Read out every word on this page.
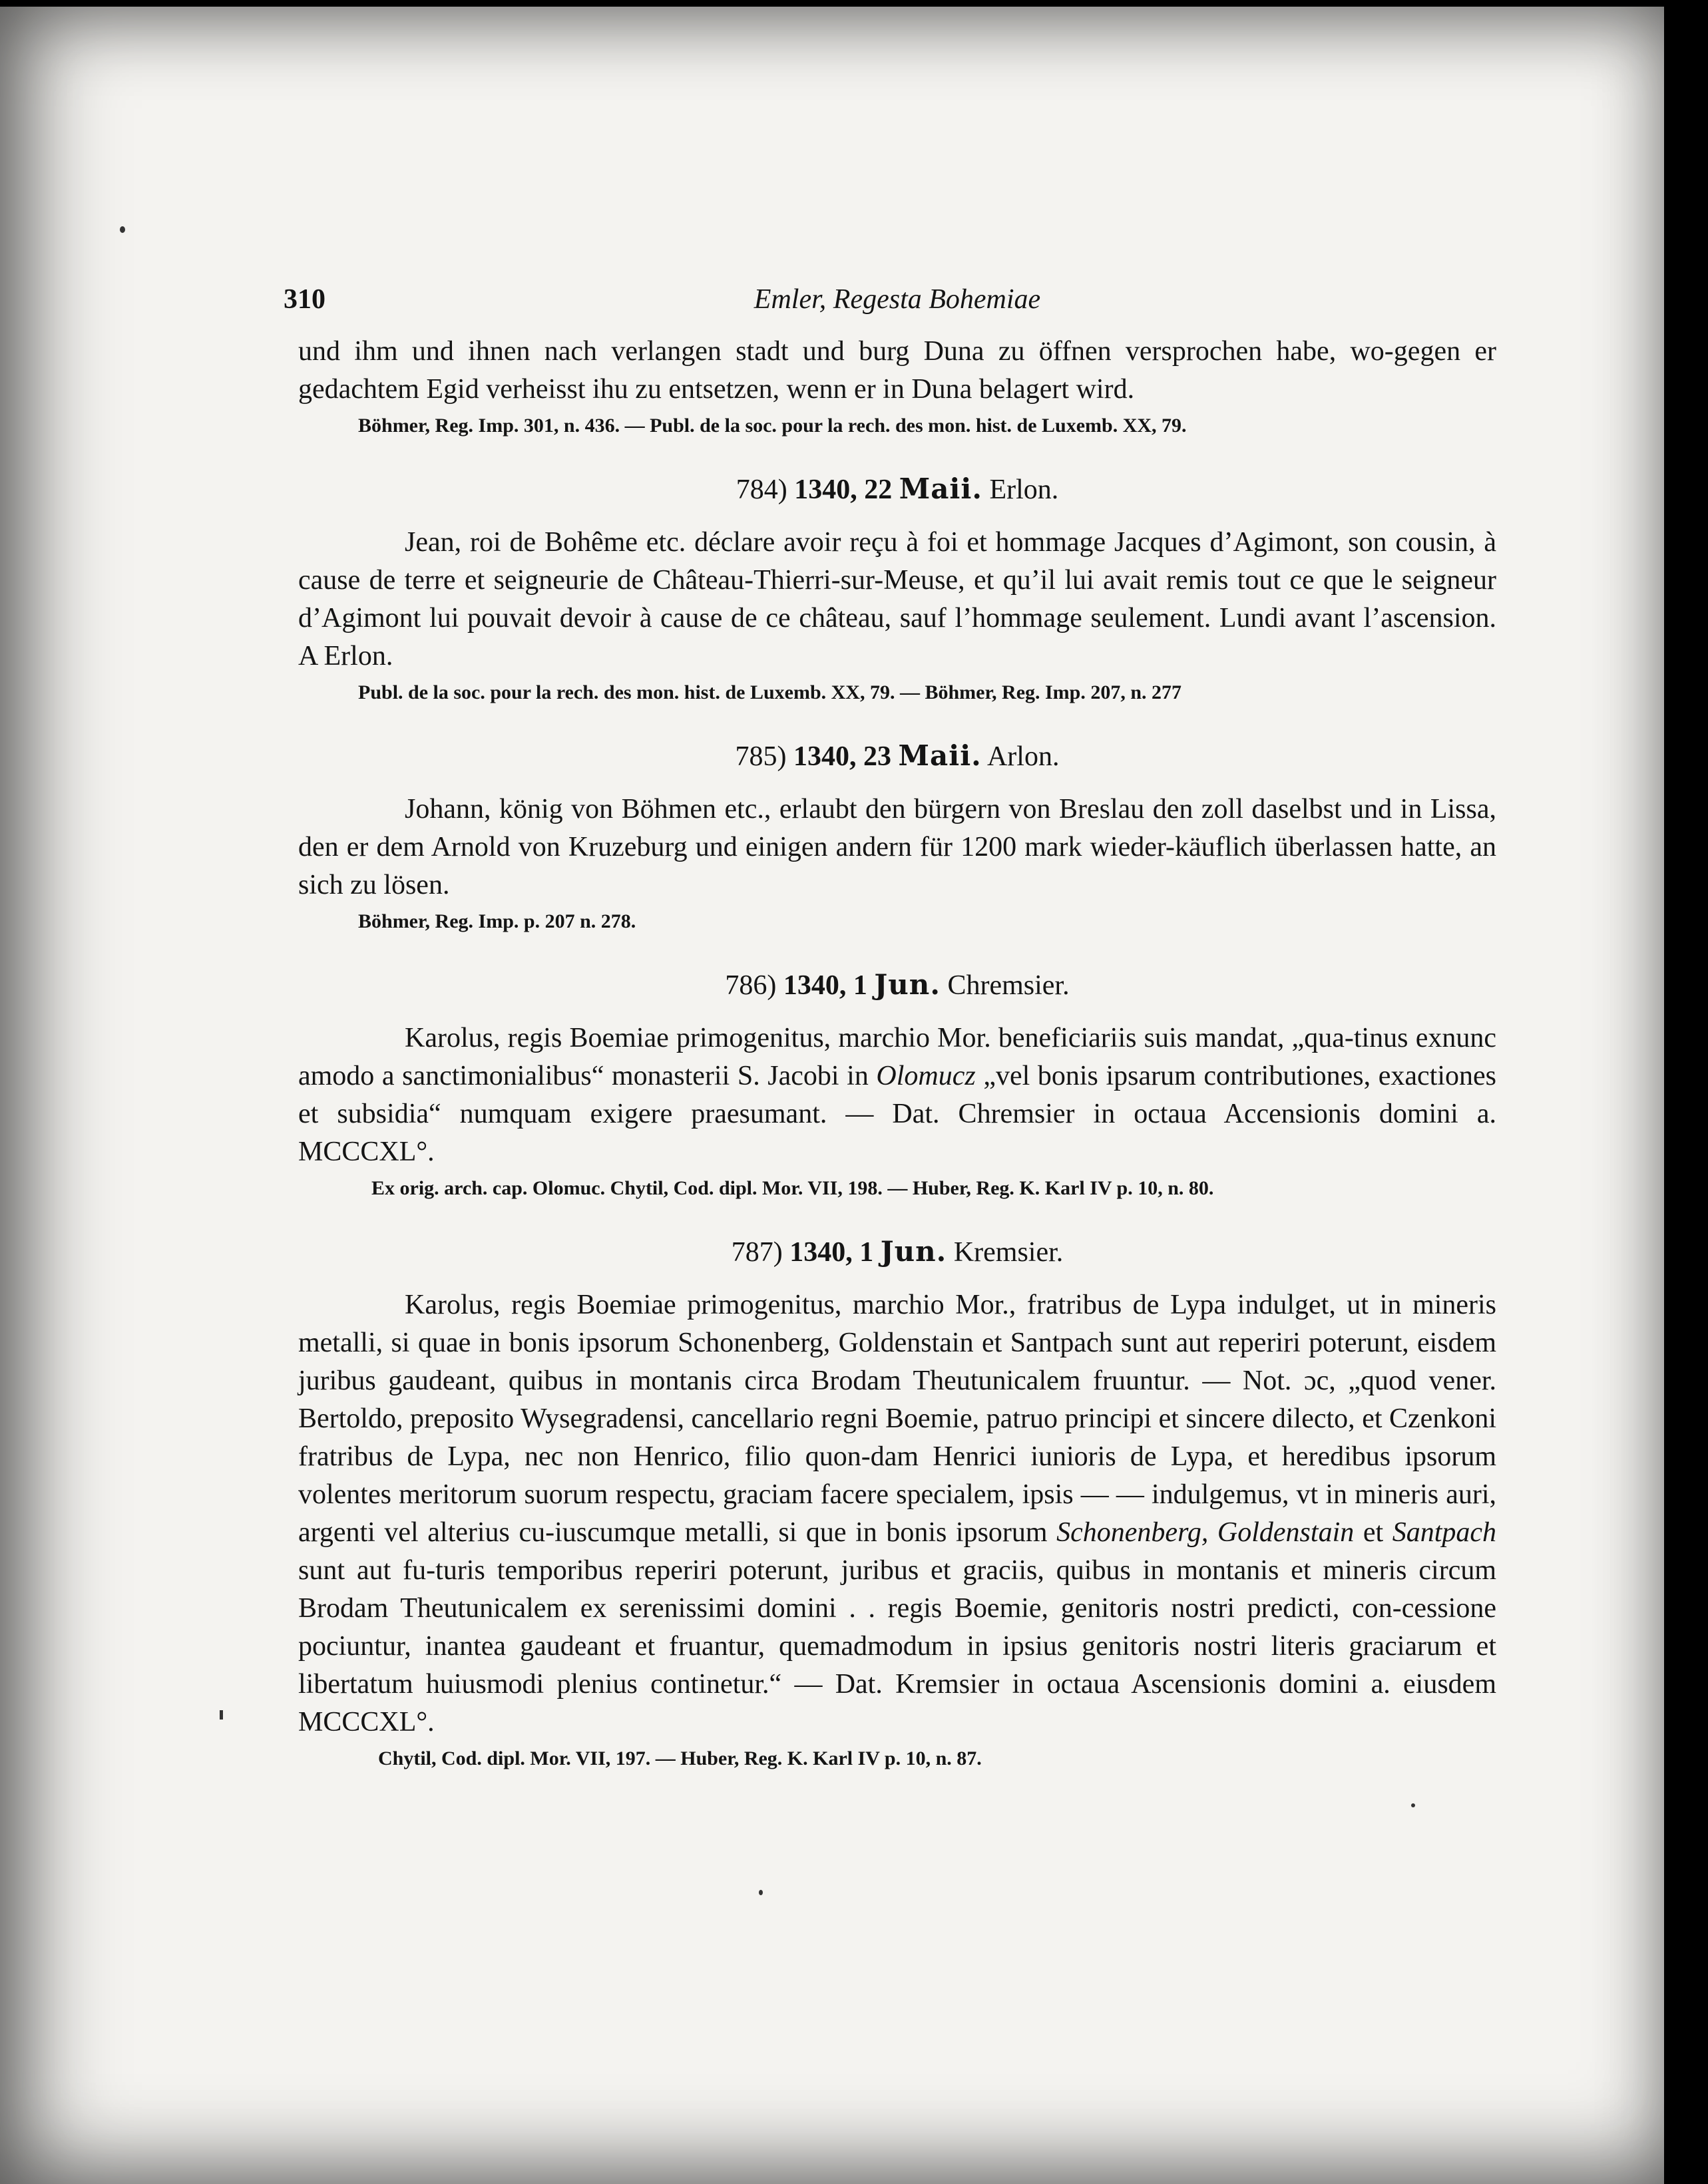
310	Emler, Regesta Bohemiae

und ihm und ihnen nach verlangen stadt und burg Duna zu öffnen versprochen habe, wo-gegen er gedachtem Egid verheisst ihu zu entsetzen, wenn er in Duna belagert wird.

Böhmer, Reg. Imp. 301, n. 436. — Publ. de la soc. pour la rech. des mon. hist. de Luxemb. XX, 79.
784) 1340, 22 Maii. Erlon.

Jean, roi de Bohême etc. déclare avoir reçu à foi et hommage Jacques d’Agimont, son cousin, à cause de terre et seigneurie de Château-Thierri-sur-Meuse, et qu’il lui avait remis tout ce que le seigneur d’Agimont lui pouvait devoir à cause de ce château, sauf l’hommage seulement. Lundi avant l’ascension. A Erlon.

Publ. de la soc. pour la rech. des mon. hist. de Luxemb. XX, 79. — Böhmer, Reg. Imp. 207, n. 277
785) 1340, 23 Maii. Arlon.

Johann, könig von Böhmen etc., erlaubt den bürgern von Breslau den zoll daselbst und in Lissa, den er dem Arnold von Kruzeburg und einigen andern für 1200 mark wieder-käuflich überlassen hatte, an sich zu lösen.

Böhmer, Reg. Imp. p. 207 n. 278.
786) 1340, 1 Jun. Chremsier.

Karolus, regis Boemiae primogenitus, marchio Mor. beneficiariis suis mandat, „qua-tinus exnunc amodo a sanctimonialibus“ monasterii S. Jacobi in Olomucz „vel bonis ipsarum contributiones, exactiones et subsidia“ numquam exigere praesumant. — Dat. Chremsier in octaua Accensionis domini a. MCCCXL°.

Ex orig. arch. cap. Olomuc. Chytil, Cod. dipl. Mor. VII, 198. — Huber, Reg. K. Karl IV p. 10, n. 80.
787) 1340, 1 Jun. Kremsier.

Karolus, regis Boemiae primogenitus, marchio Mor., fratribus de Lypa indulget, ut in mineris metalli, si quae in bonis ipsorum Schonenberg, Goldenstain et Santpach sunt aut reperiri poterunt, eisdem juribus gaudeant, quibus in montanis circa Brodam Theutunicalem fruuntur. — Not. ɔc, „quod vener. Bertoldo, preposito Wysegradensi, cancellario regni Boemie, patruo principi et sincere dilecto, et Czenkoni fratribus de Lypa, nec non Henrico, filio quon-dam Henrici iunioris de Lypa, et heredibus ipsorum volentes meritorum suorum respectu, graciam facere specialem, ipsis — — indulgemus, vt in mineris auri, argenti vel alterius cu-iuscumque metalli, si que in bonis ipsorum Schonenberg, Goldenstain et Santpach sunt aut fu-turis temporibus reperiri poterunt, juribus et graciis, quibus in montanis et mineris circum Brodam Theutunicalem ex serenissimi domini . . regis Boemie, genitoris nostri predicti, con-cessione pociuntur, inantea gaudeant et fruantur, quemadmodum in ipsius genitoris nostri literis graciarum et libertatum huiusmodi plenius continetur.“ — Dat. Kremsier in octaua Ascensionis domini a. eiusdem MCCCXL°.

Chytil, Cod. dipl. Mor. VII, 197. — Huber, Reg. K. Karl IV p. 10, n. 87.
